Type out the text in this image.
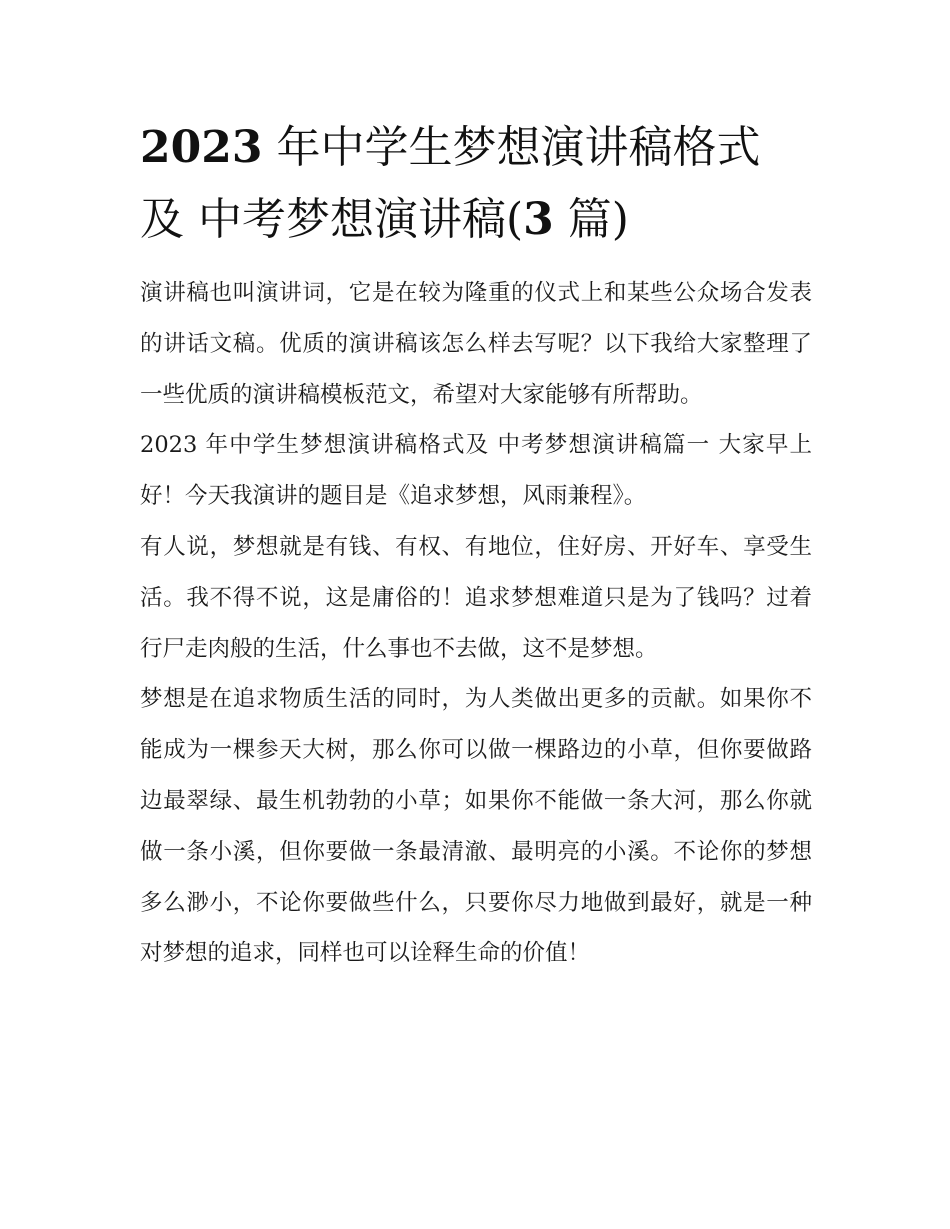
2023 年中学生梦想演讲稿格式
及 中考梦想演讲稿(3 篇)

演讲稿也叫演讲词，它是在较为隆重的仪式上和某些公众场合发表的讲话文稿。优质的演讲稿该怎么样去写呢？以下我给大家整理了一些优质的演讲稿模板范文，希望对大家能够有所帮助。

2023 年中学生梦想演讲稿格式及 中考梦想演讲稿篇一 大家早上好！今天我演讲的题目是《追求梦想，风雨兼程》。

有人说，梦想就是有钱、有权、有地位，住好房、开好车、享受生活。我不得不说，这是庸俗的！追求梦想难道只是为了钱吗？过着行尸走肉般的生活，什么事也不去做，这不是梦想。

梦想是在追求物质生活的同时，为人类做出更多的贡献。如果你不能成为一棵参天大树，那么你可以做一棵路边的小草，但你要做路边最翠绿、最生机勃勃的小草；如果你不能做一条大河，那么你就做一条小溪，但你要做一条最清澈、最明亮的小溪。不论你的梦想多么渺小，不论你要做些什么，只要你尽力地做到最好，就是一种对梦想的追求，同样也可以诠释生命的价值！
